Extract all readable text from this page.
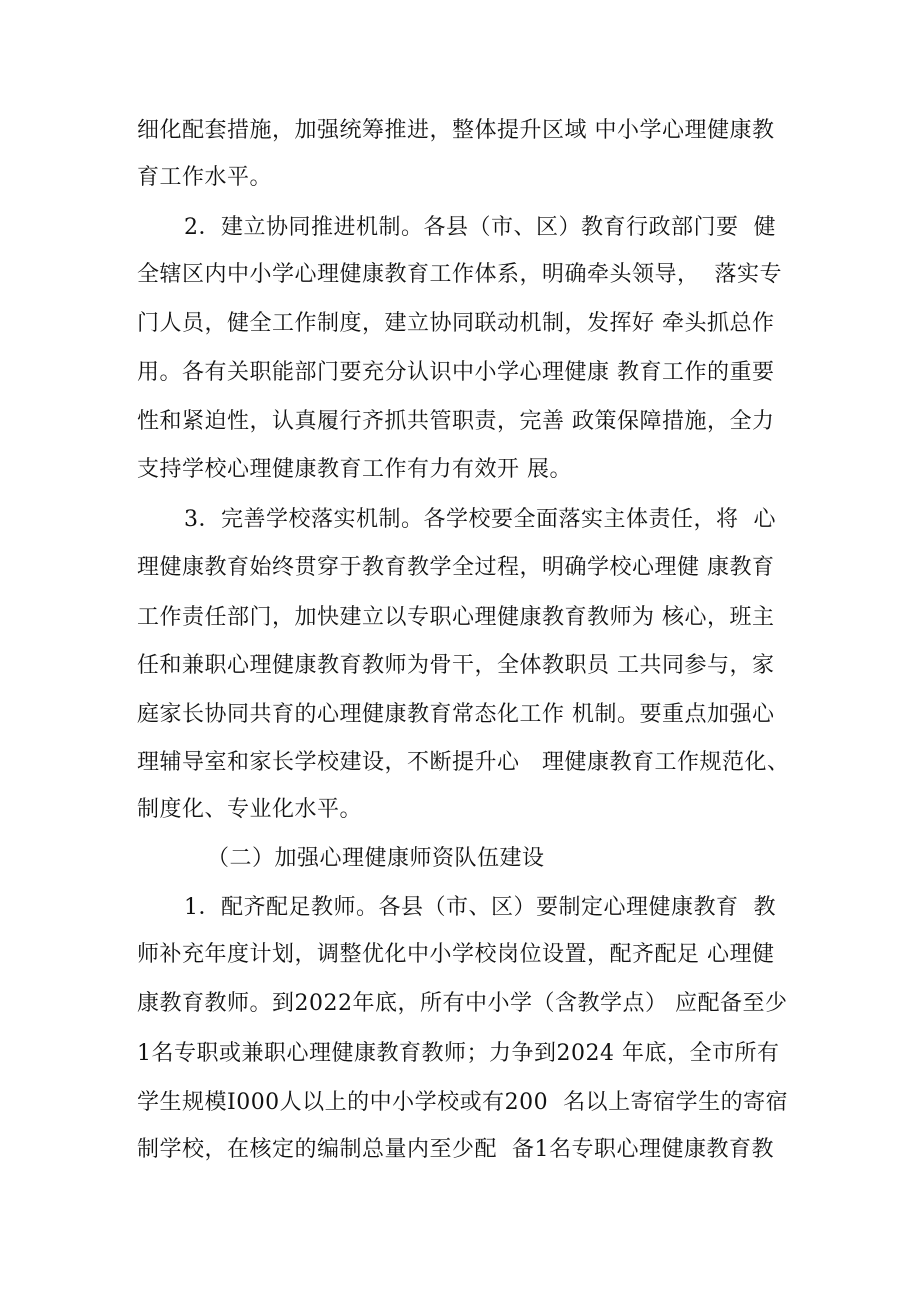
细化配套措施，加强统筹推进，整体提升区域 中小学心理健康教
育工作水平。
2．建立协同推进机制。各县（市、区）教育行政部门要  健
全辖区内中小学心理健康教育工作体系，明确牵头领导，  落实专
门人员，健全工作制度，建立协同联动机制，发挥好 牵头抓总作
用。各有关职能部门要充分认识中小学心理健康 教育工作的重要
性和紧迫性，认真履行齐抓共管职责，完善 政策保障措施，全力
支持学校心理健康教育工作有力有效开 展。
3．完善学校落实机制。各学校要全面落实主体责任，将  心
理健康教育始终贯穿于教育教学全过程，明确学校心理健 康教育
工作责任部门，加快建立以专职心理健康教育教师为 核心，班主
任和兼职心理健康教育教师为骨干，全体教职员 工共同参与，家
庭家长协同共育的心理健康教育常态化工作 机制。要重点加强心
理辅导室和家长学校建设，不断提升心   理健康教育工作规范化、
制度化、专业化水平。
（二）加强心理健康师资队伍建设
1．配齐配足教师。各县（市、区）要制定心理健康教育  教
师补充年度计划，调整优化中小学校岗位设置，配齐配足 心理健
康教育教师。到2022年底，所有中小学（含教学点） 应配备至少
1名专职或兼职心理健康教育教师；力争到2024 年底，全市所有
学生规模I000人以上的中小学校或有200  名以上寄宿学生的寄宿
制学校，在核定的编制总量内至少配  备1名专职心理健康教育教
